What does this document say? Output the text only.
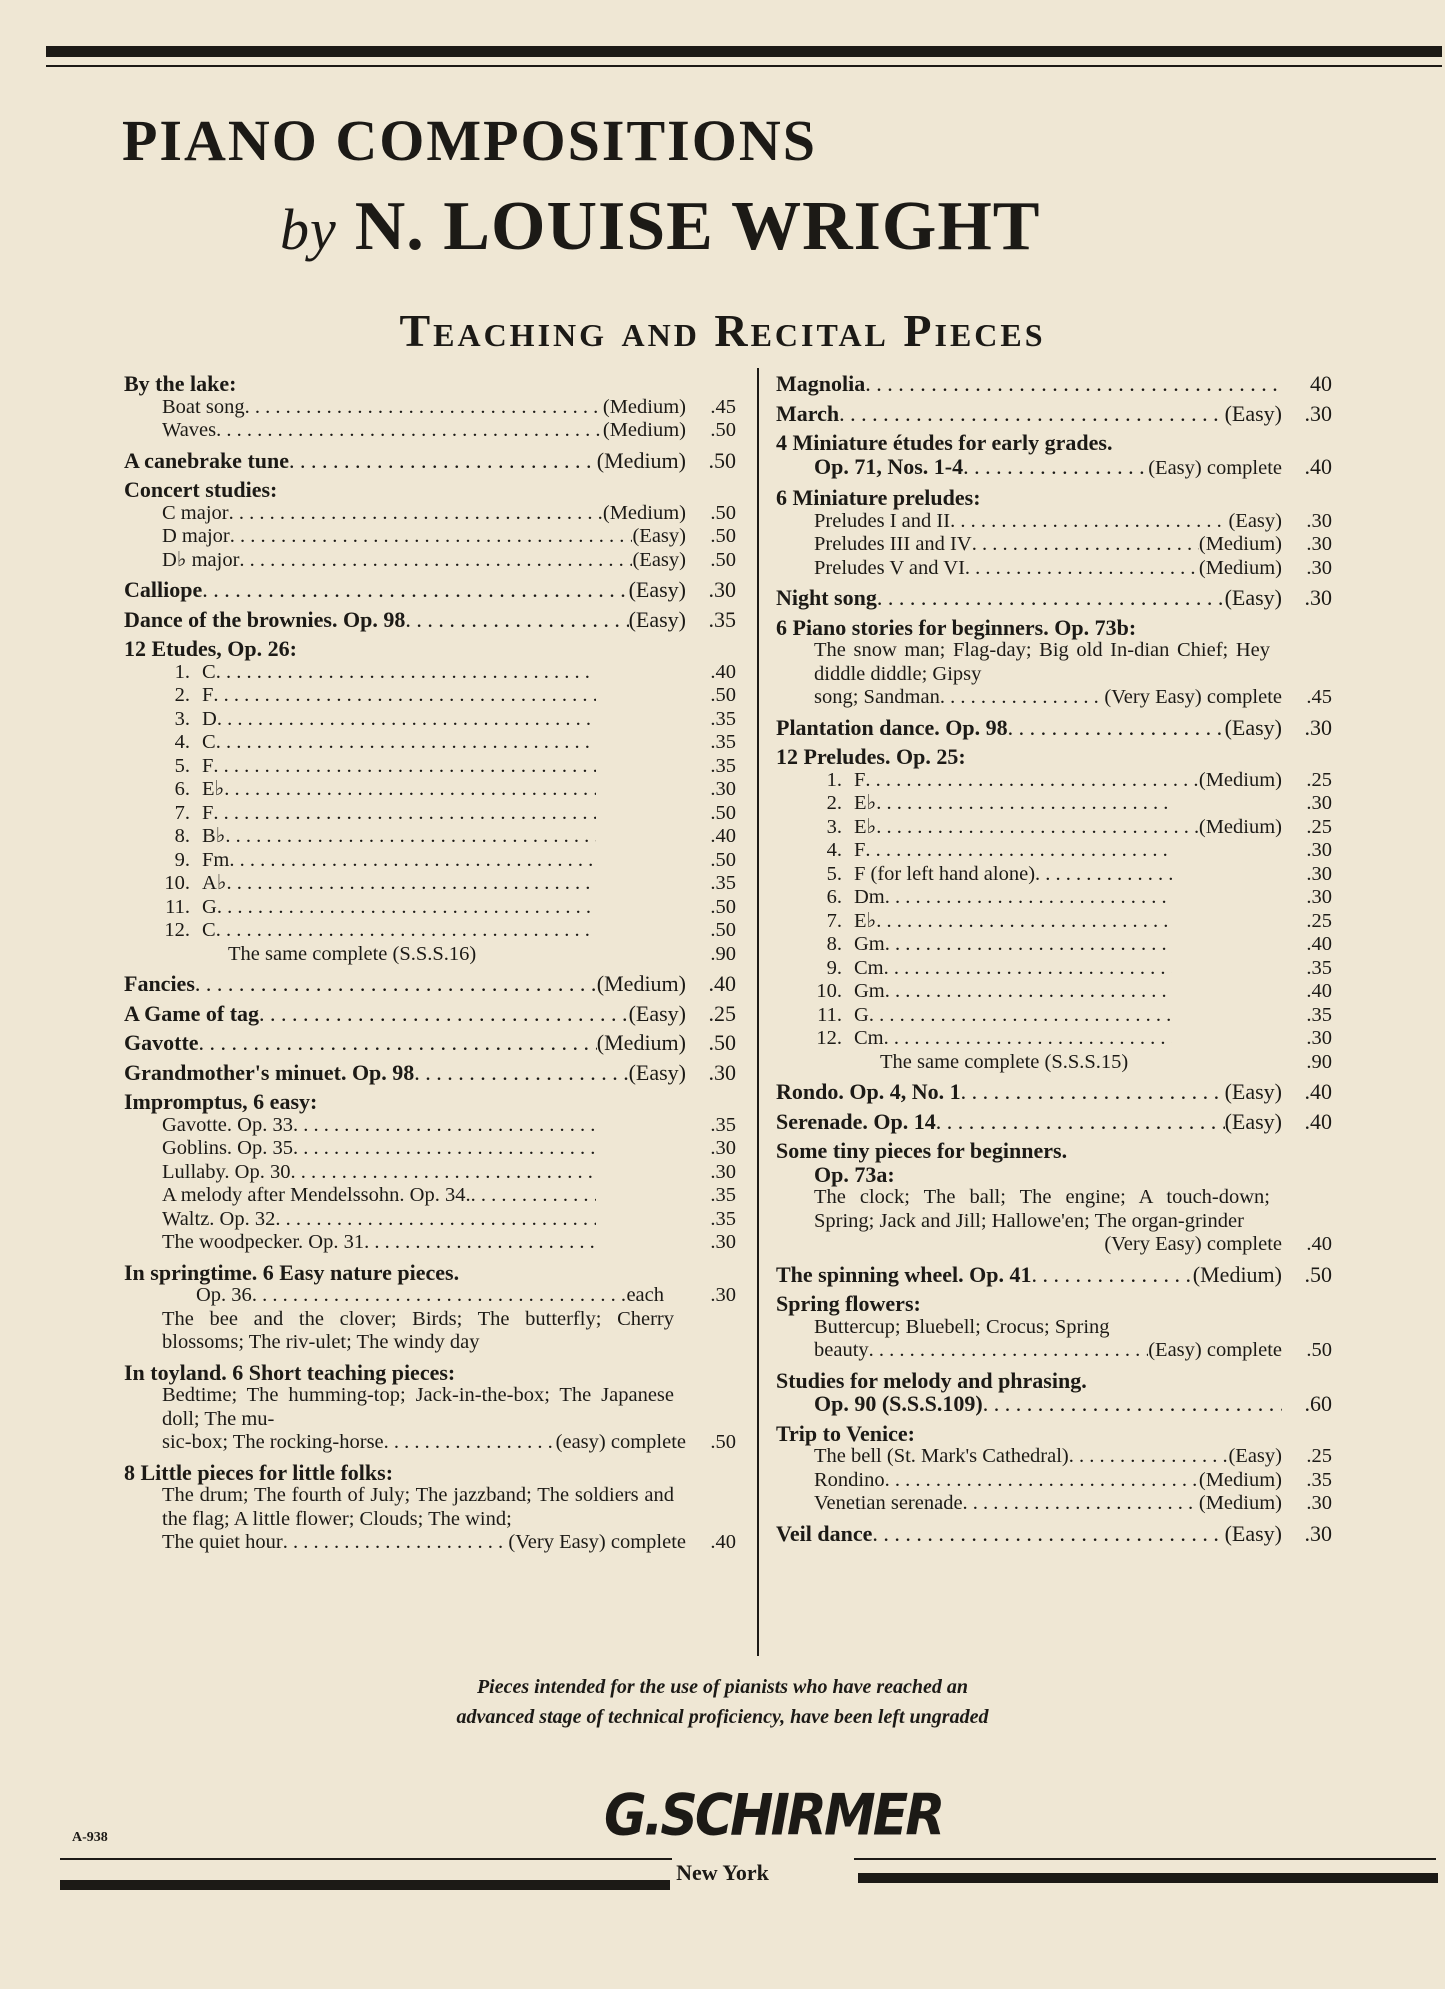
PIANO COMPOSITIONS
by N. LOUISE WRIGHT
Teaching and Recital Pieces
By the lake:
Boat song . . .	(Medium)	.45
Waves . . .	(Medium)	.50
A canebrake tune . . .	(Medium)	.50
Concert studies:
C major . . .	(Medium)	.50
D major . . .	(Easy)	.50
D♭ major . . .	(Easy)	.50
Calliope . . .	(Easy)	.30
Dance of the brownies. Op. 98 . . .	(Easy)	.35
12 Etudes, Op. 26:
1. C . . .	.40
2. F . . .	.50
3. D . . .	.35
4. C . . .	.35
5. F . . .	.35
6. E♭ . . .	.30
7. F . . .	.50
8. B♭ . . .	.40
9. Fm . . .	.50
10. A♭ . . .	.35
11. G . . .	.50
12. C . . .	.50
The same complete (S.S.S.16)	.90
Fancies . . .	(Medium)	.40
A Game of tag . . .	(Easy)	.25
Gavotte . . .	(Medium)	.50
Grandmother's minuet. Op. 98 . . .	(Easy)	.30
Impromptus, 6 easy:
Gavotte. Op. 33 . . .	.35
Goblins. Op. 35 . . .	.30
Lullaby. Op. 30 . . .	.30
A melody after Mendelssohn. Op. 34. . . .	.35
Waltz. Op. 32 . . .	.35
The woodpecker. Op. 31 . . .	.30
In springtime. 6 Easy nature pieces.
Op. 36 . . .	each	.30
The bee and the clover; Birds; The butterfly; Cherry blossoms; The riv-ulet; The windy day
In toyland. 6 Short teaching pieces:
Bedtime; The humming-top; Jack-in-the-box; The Japanese doll; The mu-
sic-box; The rocking-horse . . .	(easy) complete	.50
8 Little pieces for little folks:
The drum; The fourth of July; The jazzband; The soldiers and the flag; A little flower; Clouds; The wind;
The quiet hour . . .	(Very Easy) complete	.40
Magnolia . . .	40
March . . .	(Easy)	.30
4 Miniature études for early grades.
Op. 71, Nos. 1-4 . . .	(Easy) complete	.40
6 Miniature preludes:
Preludes I and II . . .	(Easy)	.30
Preludes III and IV . . .	(Medium)	.30
Preludes V and VI . . .	(Medium)	.30
Night song . . .	(Easy)	.30
6 Piano stories for beginners. Op. 73b:
The snow man; Flag-day; Big old In-dian Chief; Hey diddle diddle; Gipsy
song; Sandman . . .	(Very Easy) complete	.45
Plantation dance. Op. 98 . . .	(Easy)	.30
12 Preludes. Op. 25:
1. F . . .	(Medium)	.25
2. E♭ . . .	.30
3. E♭ . . .	(Medium)	.25
4. F . . .	.30
5. F (for left hand alone) . . .	.30
6. Dm . . .	.30
7. E♭ . . .	.25
8. Gm . . .	.40
9. Cm . . .	.35
10. Gm . . .	.40
11. G . . .	.35
12. Cm . . .	.30
The same complete (S.S.S.15)	.90
Rondo. Op. 4, No. 1 . . .	(Easy)	.40
Serenade. Op. 14 . . .	(Easy)	.40
Some tiny pieces for beginners.
Op. 73a:
The clock; The ball; The engine; A touch-down; Spring; Jack and Jill; Hallowe'en; The organ-grinder
(Very Easy) complete	.40
The spinning wheel. Op. 41 . . .	(Medium)	.50
Spring flowers:
Buttercup; Bluebell; Crocus; Spring
beauty . . .	(Easy) complete	.50
Studies for melody and phrasing.
Op. 90 (S.S.S.109) . . .	.60
Trip to Venice:
The bell (St. Mark's Cathedral) . . .	(Easy)	.25
Rondino . . .	(Medium)	.35
Venetian serenade . . .	(Medium)	.30
Veil dance . . .	(Easy)	.30

Pieces intended for the use of pianists who have reached an
advanced stage of technical proficiency, have been left ungraded

A-938	G.SCHIRMER

New York
